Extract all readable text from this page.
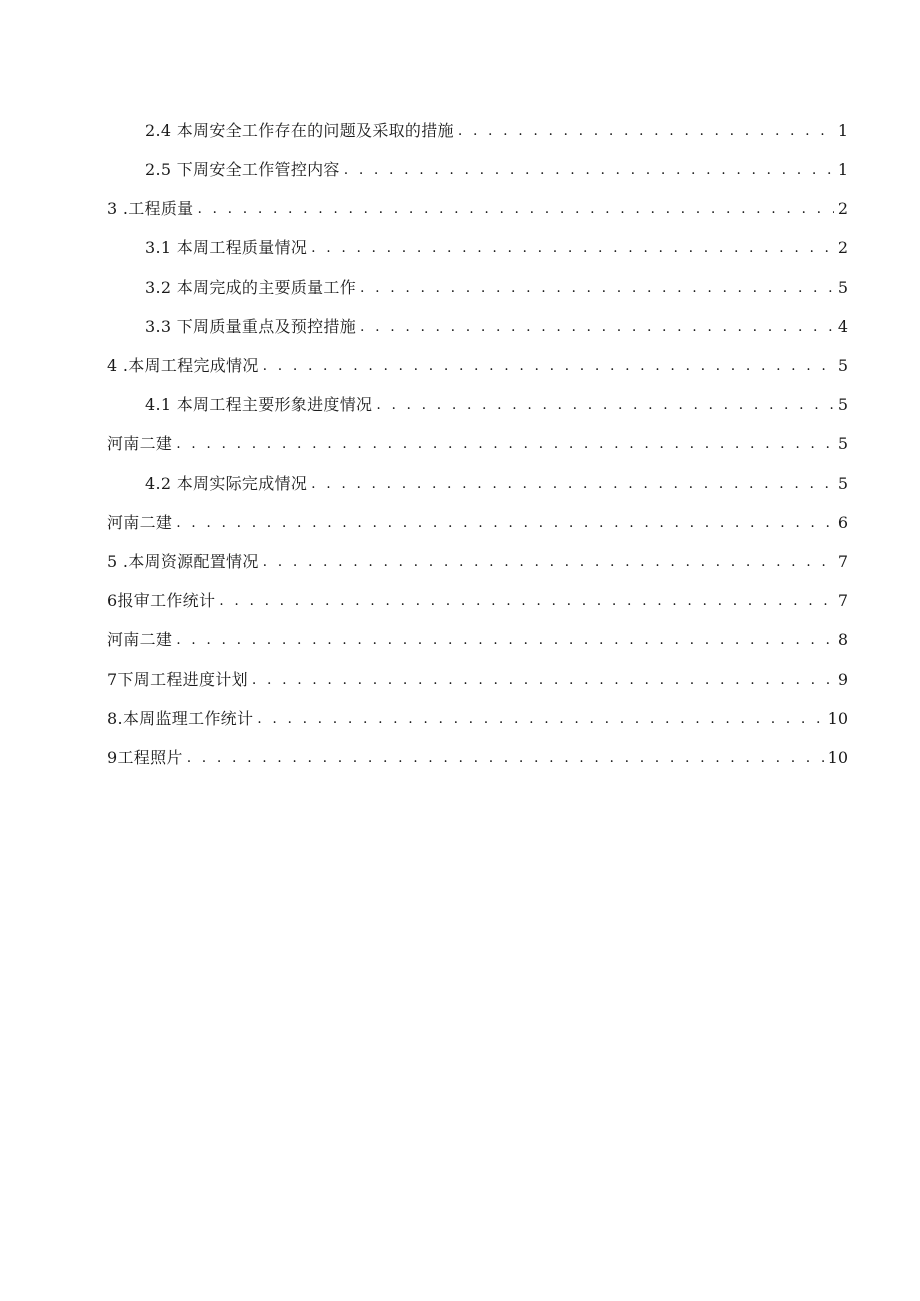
2.4 本周安全工作存在的问题及采取的措施 . . .	1
2.5 下周安全工作管控内容 . . .	1
3 .工程质量 . . .	2
3.1 本周工程质量情况 . . .	2
3.2 本周完成的主要质量工作 . . .	5
3.3 下周质量重点及预控措施 . . .	4
4 .本周工程完成情况 . . .	5
4.1 本周工程主要形象进度情况 . . .	5
河南二建 . . .	5
4.2 本周实际完成情况 . . .	5
河南二建 . . .	6
5 .本周资源配置情况 . . .	7
6报审工作统计 . . .	7
河南二建 . . .	8
7下周工程进度计划 . . .	9
8.本周监理工作统计 . . .	10
9工程照片 . . .	10
